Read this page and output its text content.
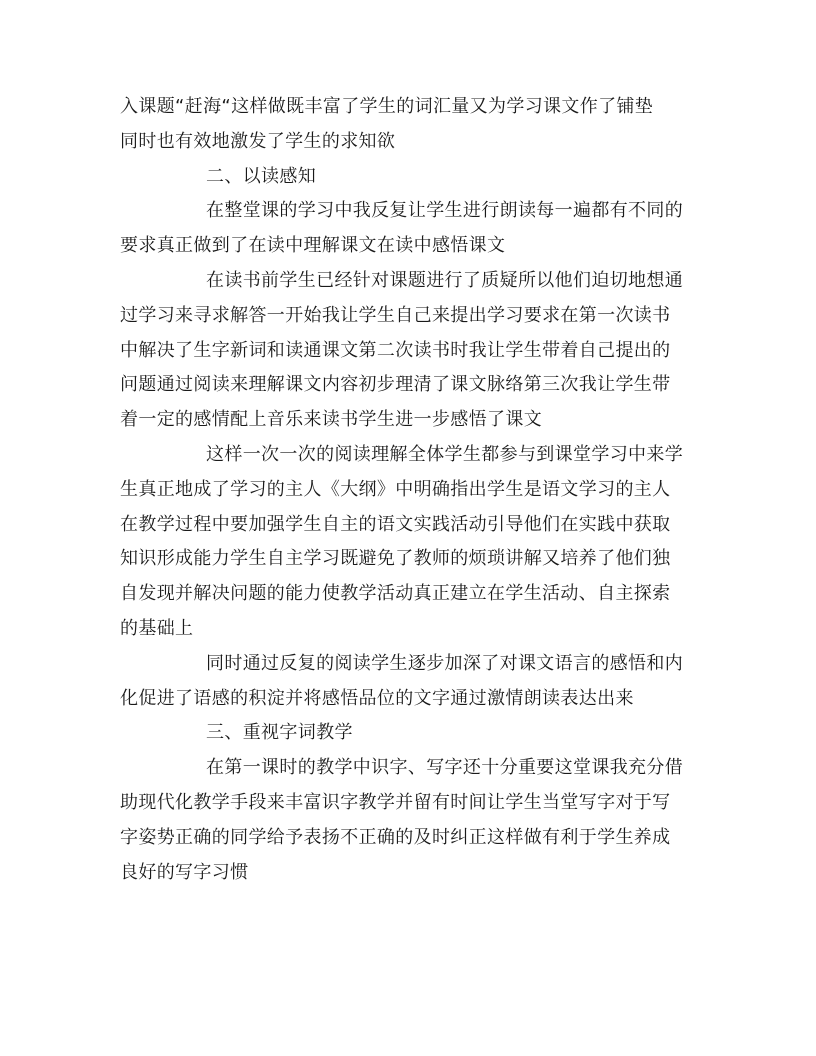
入课题“赶海“这样做既丰富了学生的词汇量又为学习课文作了铺垫
同时也有效地激发了学生的求知欲
二、以读感知
在整堂课的学习中我反复让学生进行朗读每一遍都有不同的
要求真正做到了在读中理解课文在读中感悟课文
在读书前学生已经针对课题进行了质疑所以他们迫切地想通
过学习来寻求解答一开始我让学生自己来提出学习要求在第一次读书
中解决了生字新词和读通课文第二次读书时我让学生带着自己提出的
问题通过阅读来理解课文内容初步理清了课文脉络第三次我让学生带
着一定的感情配上音乐来读书学生进一步感悟了课文
这样一次一次的阅读理解全体学生都参与到课堂学习中来学
生真正地成了学习的主人《大纲》中明确指出学生是语文学习的主人
在教学过程中要加强学生自主的语文实践活动引导他们在实践中获取
知识形成能力学生自主学习既避免了教师的烦琐讲解又培养了他们独
自发现并解决问题的能力使教学活动真正建立在学生活动、自主探索
的基础上
同时通过反复的阅读学生逐步加深了对课文语言的感悟和内
化促进了语感的积淀并将感悟品位的文字通过激情朗读表达出来
三、重视字词教学
在第一课时的教学中识字、写字还十分重要这堂课我充分借
助现代化教学手段来丰富识字教学并留有时间让学生当堂写字对于写
字姿势正确的同学给予表扬不正确的及时纠正这样做有利于学生养成
良好的写字习惯
